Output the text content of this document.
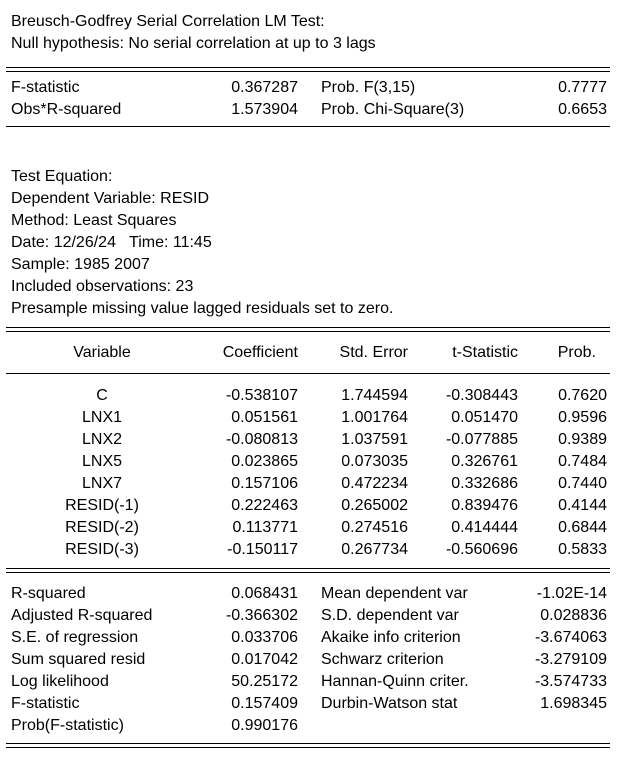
Breusch-Godfrey Serial Correlation LM Test:
Null hypothesis: No serial correlation at up to 3 lags
F-statistic	0.367287 Prob. F(3,15)	0.7777
Obs*R-squared	1.573904 Prob. Chi-Square(3)	0.6653
Test Equation:
Dependent Variable: RESID
Method: Least Squares
Date: 12/26/24   Time: 11:45
Sample: 1985 2007
Included observations: 23
Presample missing value lagged residuals set to zero.
Variable	Coefficient	Std. Error	t-Statistic	Prob.
C	-0.538107	1.744594	-0.308443	0.7620
LNX1	0.051561	1.001764	0.051470	0.9596
LNX2	-0.080813	1.037591	-0.077885	0.9389
LNX5	0.023865	0.073035	0.326761	0.7484
LNX7	0.157106	0.472234	0.332686	0.7440
RESID(-1)	0.222463	0.265002	0.839476	0.4144
RESID(-2)	0.113771	0.274516	0.414444	0.6844
RESID(-3)	-0.150117	0.267734	-0.560696	0.5833
R-squared	0.068431 Mean dependent var	-1.02E-14
Adjusted R-squared	-0.366302 S.D. dependent var	0.028836
S.E. of regression	0.033706 Akaike info criterion	-3.674063
Sum squared resid	0.017042 Schwarz criterion	-3.279109
Log likelihood	50.25172 Hannan-Quinn criter.	-3.574733
F-statistic	0.157409 Durbin-Watson stat	1.698345
Prob(F-statistic)	0.990176
